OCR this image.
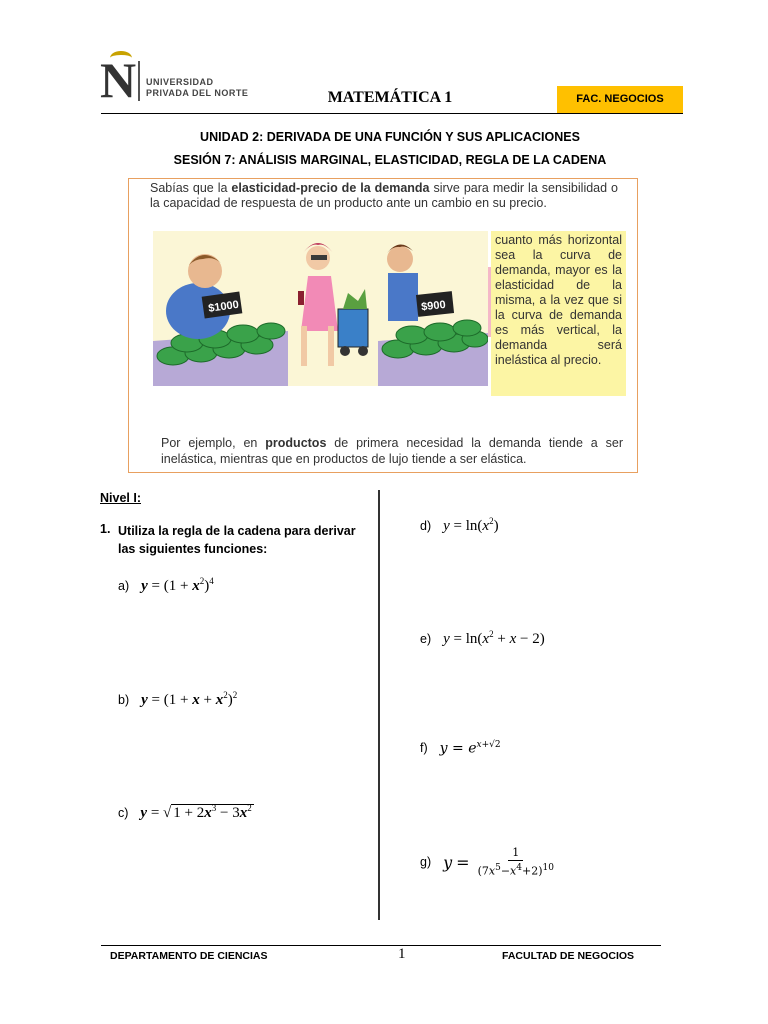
N UNIVERSIDAD
PRIVADA DEL NORTE	MATEMÁTICA 1	FAC. NEGOCIOS
UNIDAD 2: DERIVADA DE UNA FUNCIÓN Y SUS APLICACIONES
SESIÓN 7: ANÁLISIS MARGINAL, ELASTICIDAD, REGLA DE LA CADENA
Sabías que la elasticidad-precio de la demanda sirve para medir la sensibilidad o la capacidad de respuesta de un producto ante un cambio en su precio.
$1000	$900
cuanto más horizontal sea la curva de demanda, mayor es la elasticidad de la misma, a la vez que si la curva de demanda es más vertical, la demanda será inelástica al precio.
Por ejemplo, en productos de primera necesidad la demanda tiende a ser inelástica, mientras que en productos de lujo tiende a ser elástica.
Nivel I:
1. Utiliza la regla de la cadena para derivar las siguientes funciones:
a) $y = (1 + x^2)^4$
b) $y = (1 + x + x^2)^2$
c) y = √ $1 + 2x^3 - 3x^2$
d) $y = \ln(x^2)$
e) $y = \ln(x^2 + x - 2)$
f) $y = e^{x+√2}$
g) $y = \frac{1}{(7x^5-x^4+2)^{10}}$
DEPARTAMENTO DE CIENCIAS	1	FACULTAD DE NEGOCIOS
